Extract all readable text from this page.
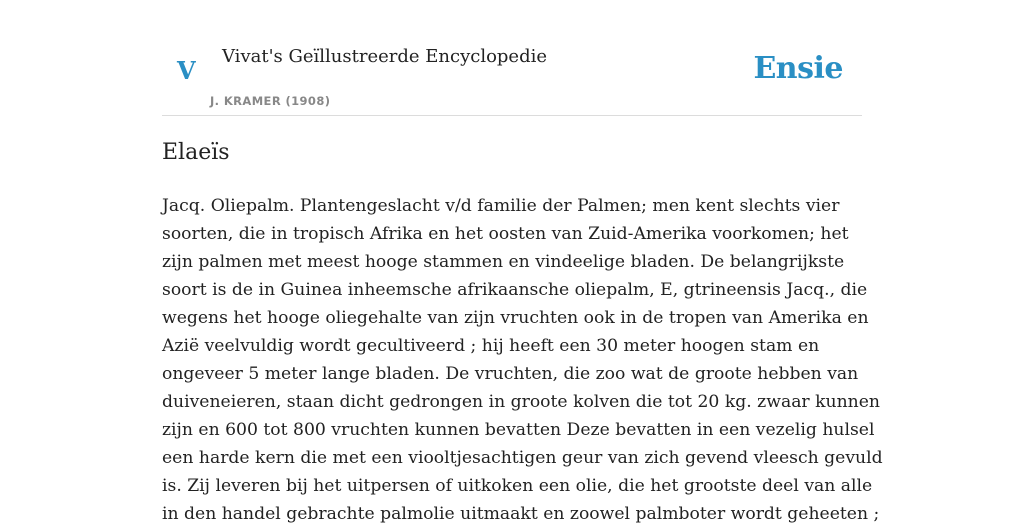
V Vivat's Geïllustreerde Encyclopedie
J. KRAMER (1908)
Ensie
Elaeïs
Jacq. Oliepalm. Plantengeslacht v/d familie der Palmen; men kent slechts vier
soorten, die in tropisch Afrika en het oosten van Zuid-Amerika voorkomen; het
zijn palmen met meest hooge stammen en vindeelige bladen. De belangrijkste
soort is de in Guinea inheemsche afrikaansche oliepalm, E, gtrineensis Jacq., die
wegens het hooge oliegehalte van zijn vruchten ook in de tropen van Amerika en
Azië veelvuldig wordt gecultiveerd ; hij heeft een 30 meter hoogen stam en
ongeveer 5 meter lange bladen. De vruchten, die zoo wat de groote hebben van
duiveneieren, staan dicht gedrongen in groote kolven die tot 20 kg. zwaar kunnen
zijn en 600 tot 800 vruchten kunnen bevatten Deze bevatten in een vezelig hulsel
een harde kern die met een viooltjesachtigen geur van zich gevend vleesch gevuld
is. Zij leveren bij het uitpersen of uitkoken een olie, die het grootste deel van alle
in den handel gebrachte palmolie uitmaakt en zoowel palmboter wordt geheeten ;
